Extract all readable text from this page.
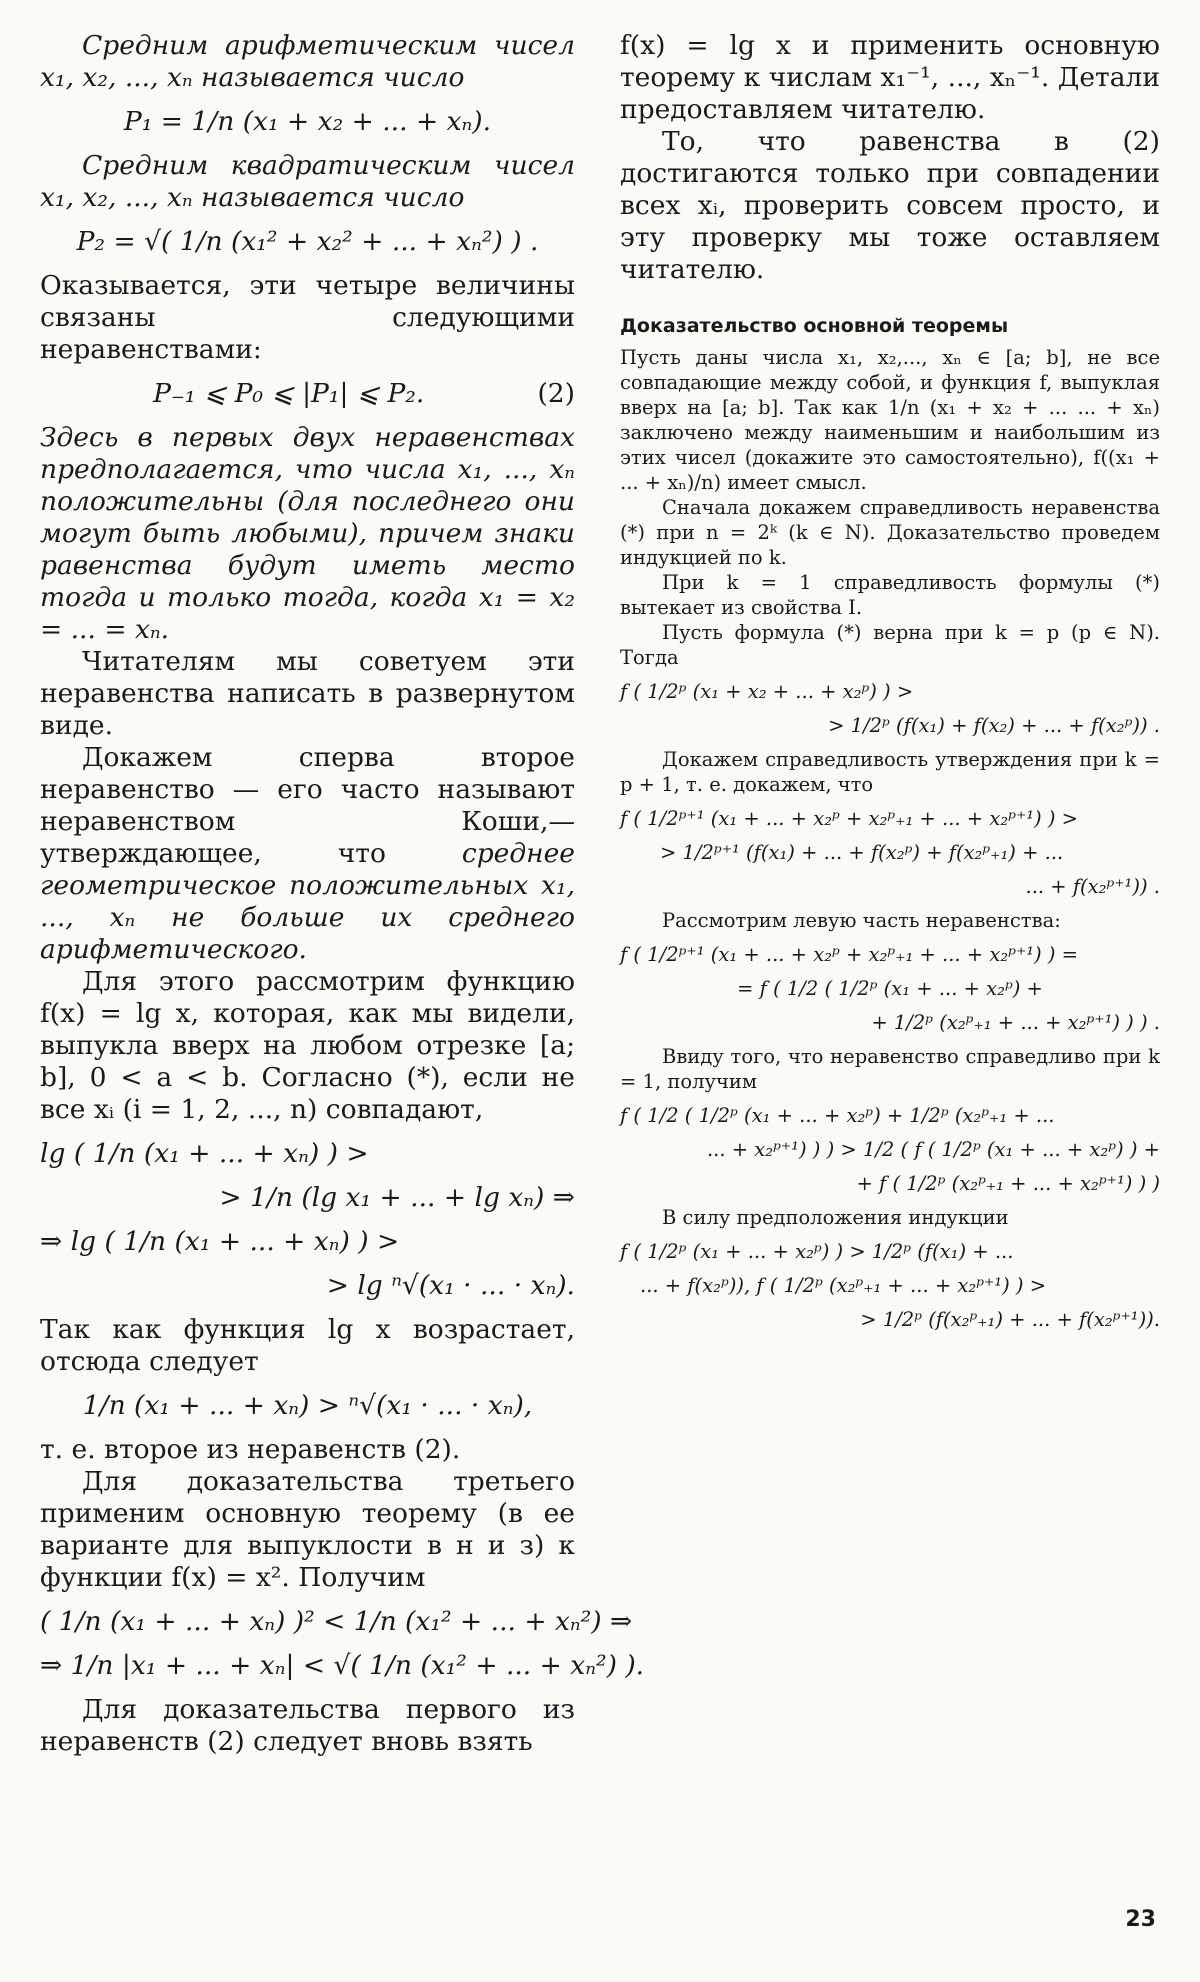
Средним арифметическим чисел x₁, x₂, ..., xₙ называется число

P₁ = 1/n (x₁ + x₂ + ... + xₙ).

Средним квадратическим чисел x₁, x₂, ..., xₙ называется число

P₂ = √( 1/n (x₁² + x₂² + ... + xₙ²) ) .

Оказывается, эти четыре величины связаны следующими неравенствами:

P₋₁ ⩽ P₀ ⩽ |P₁| ⩽ P₂.	(2)

Здесь в первых двух неравенствах предполагается, что числа x₁, ..., xₙ положительны (для последнего они могут быть любыми), причем знаки равенства будут иметь место тогда и только тогда, когда x₁ = x₂ = ... = xₙ.

Читателям мы советуем эти неравенства написать в развернутом виде.

Докажем сперва второе неравенство — его часто называют неравенством Коши,— утверждающее, что	среднее геометрическое положительных x₁, ..., xₙ не больше их среднего арифметического.

Для этого рассмотрим функцию f(x) = lg x, которая, как мы видели, выпукла вверх на любом отрезке [a; b], 0 < a < b. Согласно (*), если не все xᵢ (i = 1, 2, ..., n) совпадают,

lg ( 1/n (x₁ + ... + xₙ) ) >

> 1/n (lg x₁ + ... + lg xₙ) ⇒

⇒ lg ( 1/n (x₁ + ... + xₙ) ) >

> lg ⁿ√(x₁ · ... · xₙ).

Так как функция lg x возрастает, отсюда следует

1/n (x₁ + ... + xₙ) > ⁿ√(x₁ · ... · xₙ),

т. е. второе из неравенств (2).

Для доказательства третьего применим основную теорему (в ее варианте для выпуклости в н и з) к функции f(x) = x². Получим

( 1/n (x₁ + ... + xₙ) )² < 1/n (x₁² + ... + xₙ²) ⇒

⇒ 1/n |x₁ + ... + xₙ| < √( 1/n (x₁² + ... + xₙ²) ).

Для доказательства первого из неравенств (2) следует вновь взять

f(x) = lg x и применить основную теорему к числам x₁⁻¹, ..., xₙ⁻¹. Детали предоставляем читателю.

То, что равенства в (2) достигаются только при совпадении всех xᵢ, проверить совсем просто, и эту проверку мы тоже оставляем читателю.

Доказательство основной теоремы

Пусть даны числа x₁, x₂,..., xₙ ∈ [a; b], не все совпадающие между собой, и функция f, выпуклая вверх на [a; b]. Так как 1/n (x₁ + x₂ + ... ... + xₙ) заключено между наименьшим и наибольшим из этих чисел (докажите это самостоятельно), f((x₁ + ... + xₙ)/n) имеет смысл.

Сначала докажем справедливость неравенства (*) при n = 2ᵏ (k ∈ N). Доказательство проведем индукцией по k.

При k = 1 справедливость формулы (*) вытекает из свойства I.

Пусть формула (*) верна при k = p (p ∈ N). Тогда

f ( 1/2ᵖ (x₁ + x₂ + ... + x₂ᵖ) ) >

> 1/2ᵖ (f(x₁) + f(x₂) + ... + f(x₂ᵖ)) .

Докажем справедливость утверждения при k = p + 1, т. е. докажем, что

f ( 1/2ᵖ⁺¹ (x₁ + ... + x₂ᵖ + x₂ᵖ₊₁ + ... + x₂ᵖ⁺¹) ) >

> 1/2ᵖ⁺¹ (f(x₁) + ... + f(x₂ᵖ) + f(x₂ᵖ₊₁) + ...

... + f(x₂ᵖ⁺¹)) .

Рассмотрим левую часть неравенства:

f ( 1/2ᵖ⁺¹ (x₁ + ... + x₂ᵖ + x₂ᵖ₊₁ + ... + x₂ᵖ⁺¹) ) =

= f ( 1/2 ( 1/2ᵖ (x₁ + ... + x₂ᵖ) +

+ 1/2ᵖ (x₂ᵖ₊₁ + ... + x₂ᵖ⁺¹) ) ) .

Ввиду того, что неравенство справедливо при k = 1, получим

f ( 1/2 ( 1/2ᵖ (x₁ + ... + x₂ᵖ) + 1/2ᵖ (x₂ᵖ₊₁ + ...

... + x₂ᵖ⁺¹) ) ) > 1/2 ( f ( 1/2ᵖ (x₁ + ... + x₂ᵖ) ) +

+ f ( 1/2ᵖ (x₂ᵖ₊₁ + ... + x₂ᵖ⁺¹) ) )

В силу предположения индукции

f ( 1/2ᵖ (x₁ + ... + x₂ᵖ) ) > 1/2ᵖ (f(x₁) + ...

... + f(x₂ᵖ)), f ( 1/2ᵖ (x₂ᵖ₊₁ + ... + x₂ᵖ⁺¹) ) >

> 1/2ᵖ (f(x₂ᵖ₊₁) + ... + f(x₂ᵖ⁺¹)).

23
